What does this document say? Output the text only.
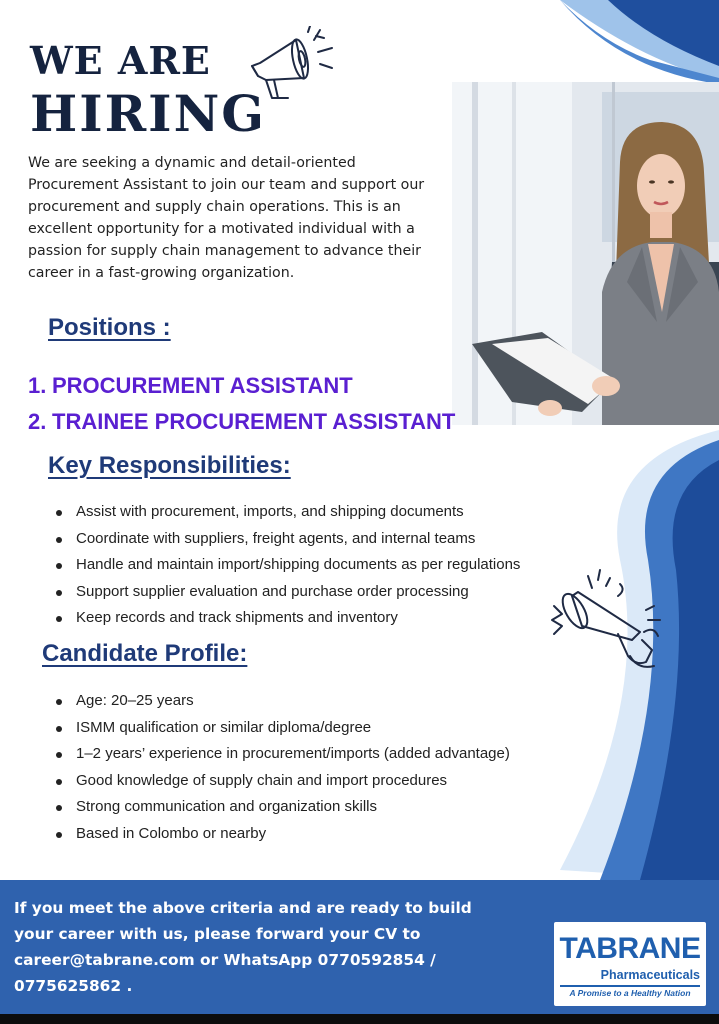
WE ARE
HIRING

We are seeking a dynamic and detail-oriented Procurement Assistant to join our team and support our procurement and supply chain operations. This is an excellent opportunity for a motivated individual with a passion for supply chain management to advance their career in a fast-growing organization.

Positions :
1. PROCUREMENT ASSISTANT
2. TRAINEE PROCUREMENT ASSISTANT
Key Responsibilities:
Assist with procurement, imports, and shipping documents
Coordinate with suppliers, freight agents, and internal teams
Handle and maintain import/shipping documents as per regulations
Support supplier evaluation and purchase order processing
Keep records and track shipments and inventory
Candidate Profile:
Age: 20–25 years
ISMM qualification or similar diploma/degree
1–2 years’ experience in procurement/imports (added advantage)
Good knowledge of supply chain and import procedures
Strong communication and organization skills
Based in Colombo or nearby
If you meet the above criteria and are ready to build
your career with us, please forward your CV to
career@tabrane.com or WhatsApp 0770592854 /
0775625862 .
TABRANE
Pharmaceuticals
A Promise to a Healthy Nation
